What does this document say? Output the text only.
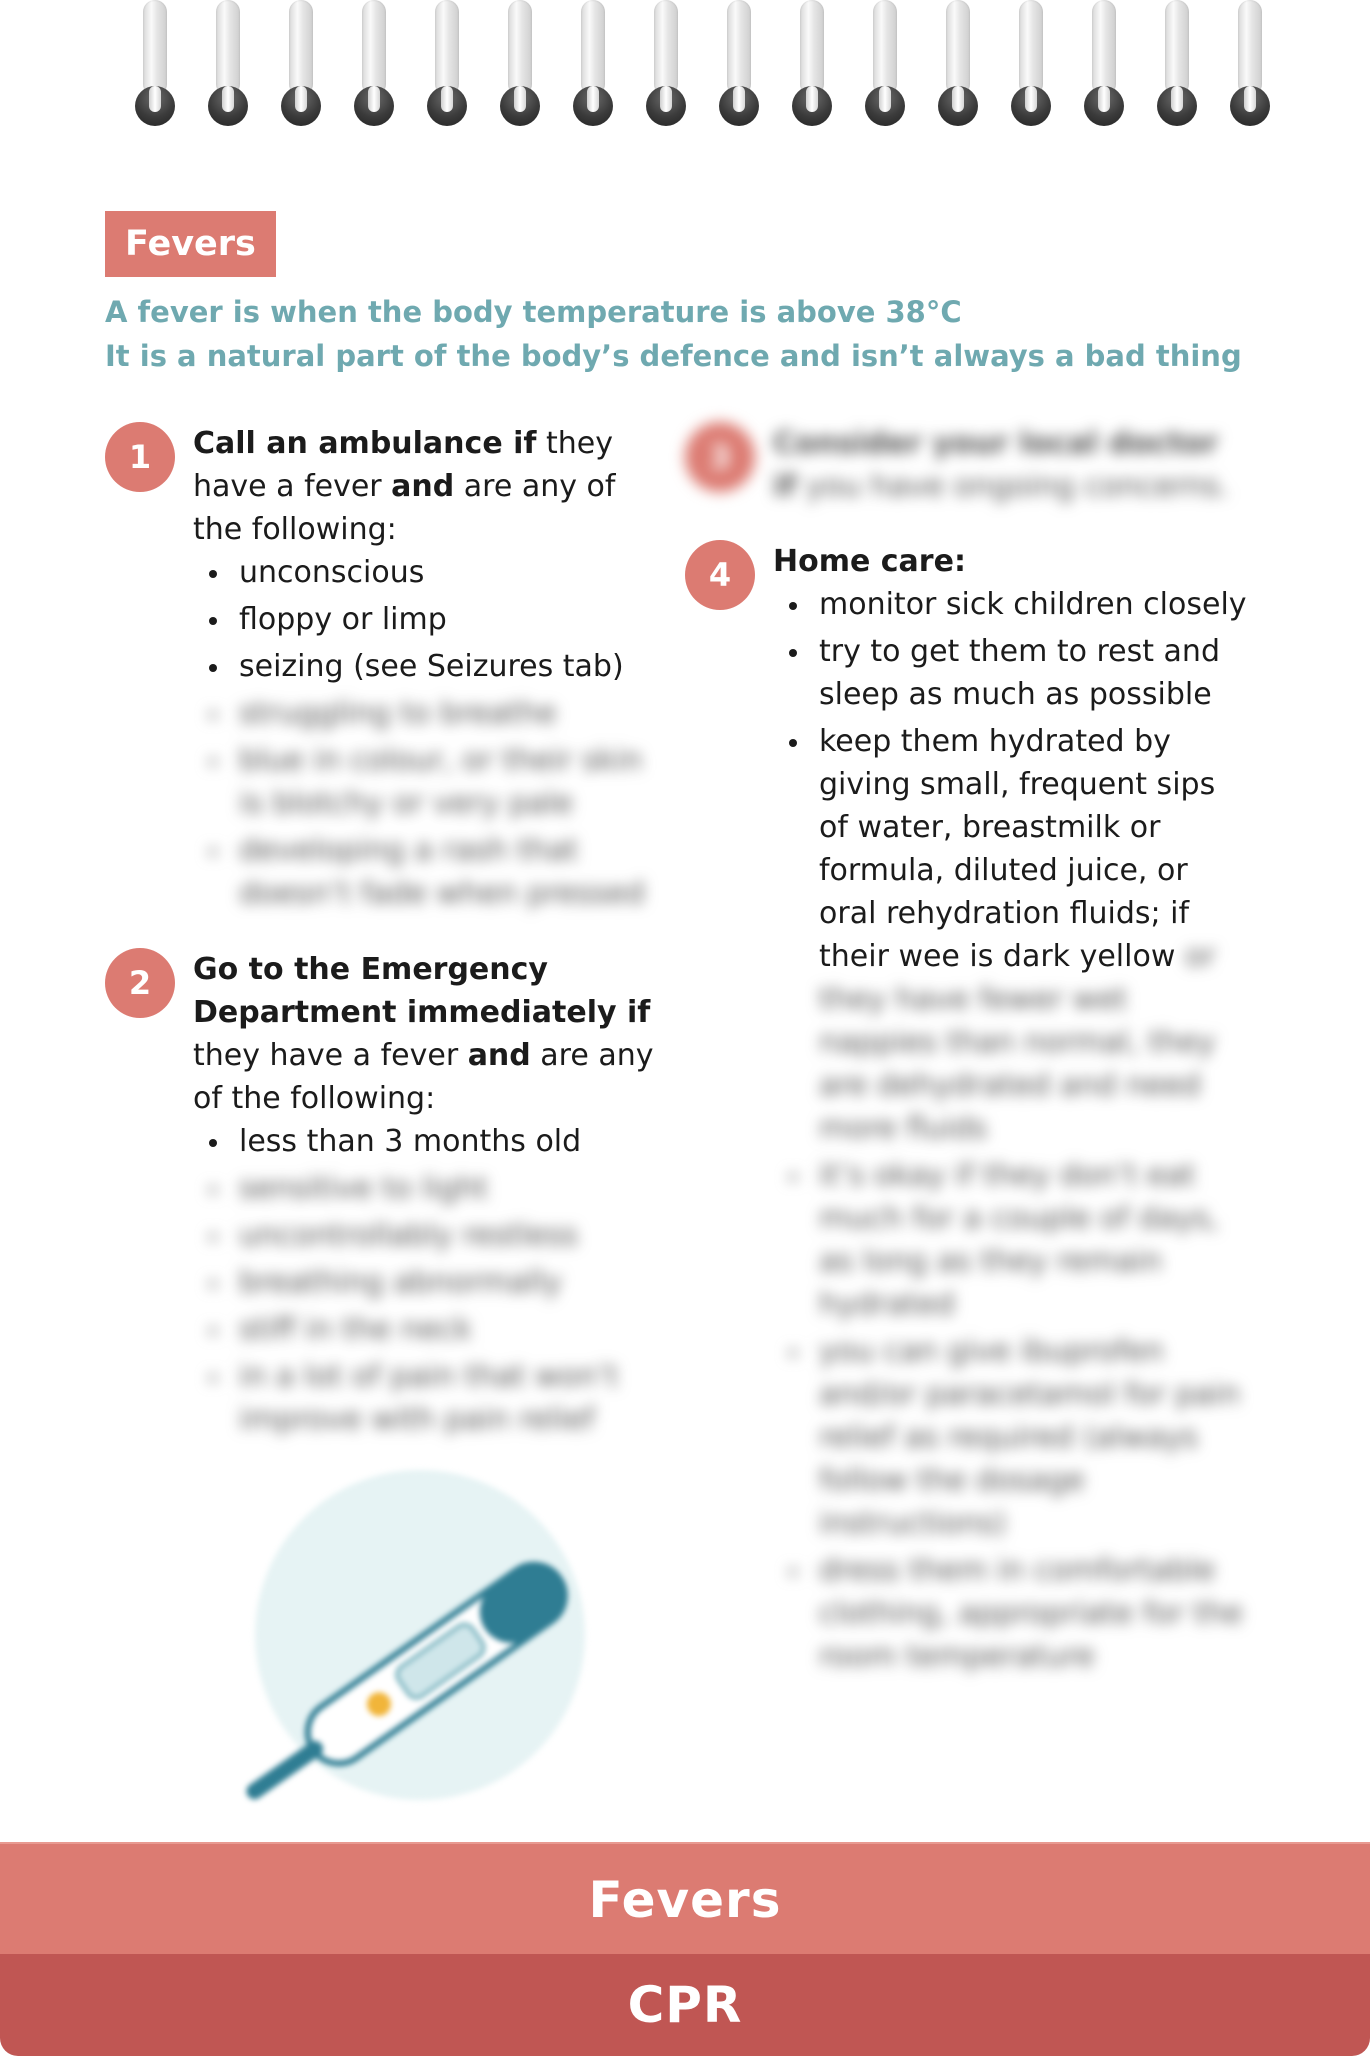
Fevers
A fever is when the body temperature is above 38°C
It is a natural part of the body’s defence and isn’t always a bad thing
1	Call an ambulance if they have a fever and are any of the following:
unconscious
floppy or limp
seizing (see Seizures tab)
struggling to breathe
blue in colour, or their skin is blotchy or very pale
developing a rash that doesn’t fade when pressed
2	Go to the Emergency Department immediately if they have a fever and are any of the following:
less than 3 months old
sensitive to light
uncontrollably restless
breathing abnormally
stiff in the neck
in a lot of pain that won’t improve with pain relief
3	Consider your local doctor if you have ongoing concerns.
4	Home care:
monitor sick children closely
try to get them to rest and sleep as much as possible
keep them hydrated by giving small, frequent sips of water, breastmilk or formula, diluted juice, or oral rehydration fluids; if their wee is dark yellow or they have fewer wet nappies than normal, they are dehydrated and need more fluids
it’s okay if they don’t eat much for a couple of days, as long as they remain hydrated
you can give ibuprofen and/or paracetamol for pain relief as required (always follow the dosage instructions)
dress them in comfortable clothing, appropriate for the room temperature
Fevers
CPR
